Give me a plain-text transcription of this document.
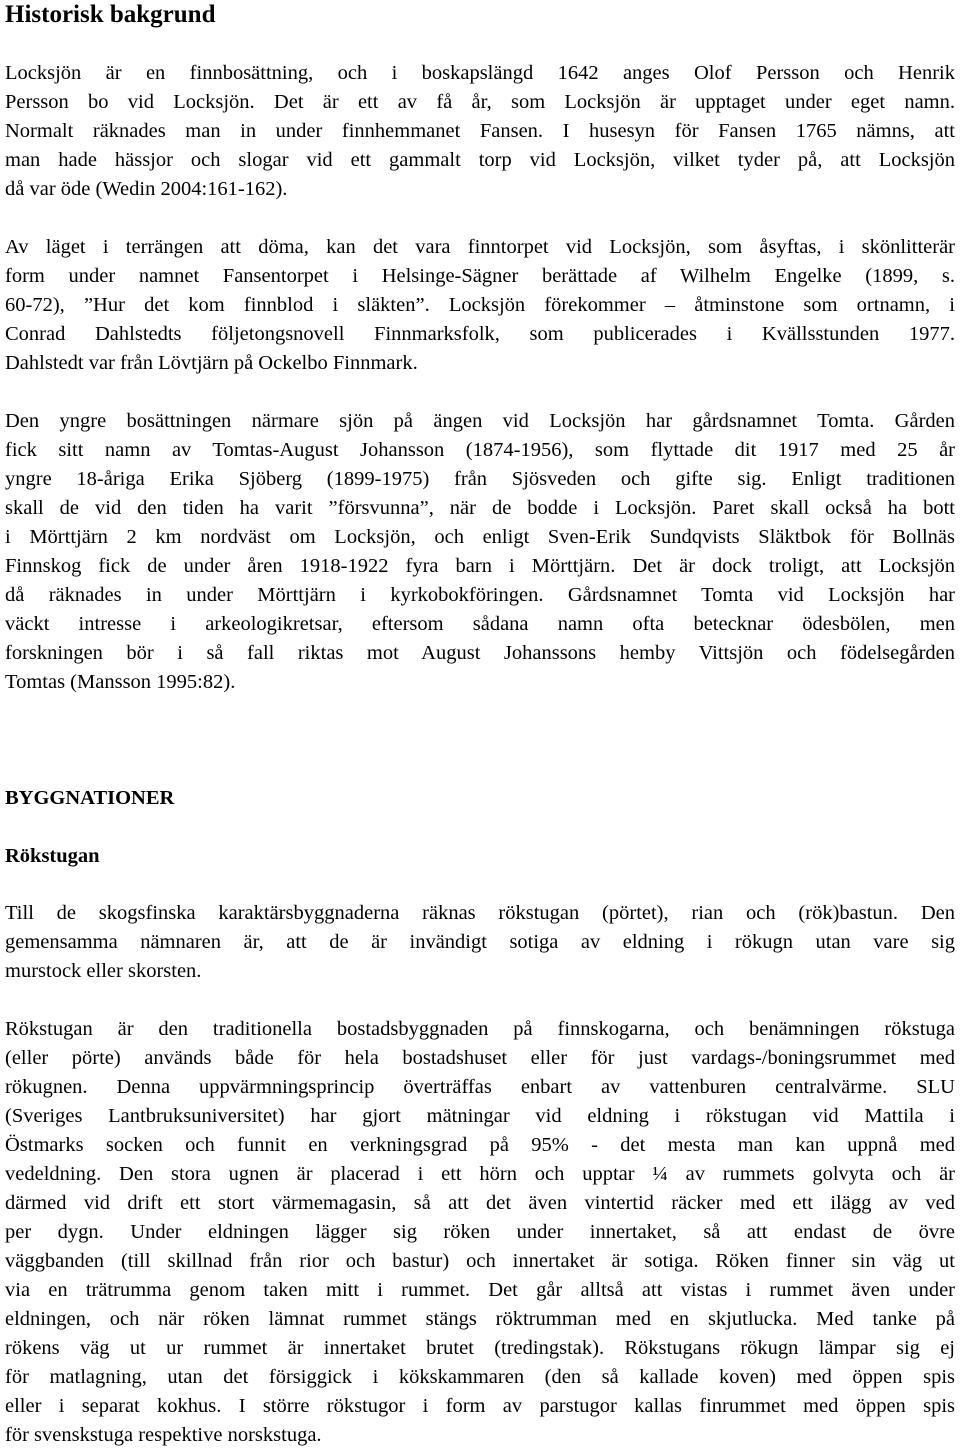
Historisk bakgrund
Locksjön är en finnbosättning, och i boskapslängd 1642 anges Olof Persson och Henrik
Persson bo vid Locksjön. Det är ett av få år, som Locksjön är upptaget under eget namn.
Normalt räknades man in under finnhemmanet Fansen. I husesyn för Fansen 1765 nämns, att
man hade hässjor och slogar vid ett gammalt torp vid Locksjön, vilket tyder på, att Locksjön
då var öde (Wedin 2004:161-162).
Av läget i terrängen att döma, kan det vara finntorpet vid Locksjön, som åsyftas, i skönlitterär
form under namnet Fansentorpet i Helsinge-Sägner berättade af Wilhelm Engelke (1899, s.
60-72), ”Hur det kom finnblod i släkten”. Locksjön förekommer – åtminstone som ortnamn, i
Conrad Dahlstedts följetongsnovell Finnmarksfolk, som publicerades i Kvällsstunden 1977.
Dahlstedt var från Lövtjärn på Ockelbo Finnmark.
Den yngre bosättningen närmare sjön på ängen vid Locksjön har gårdsnamnet Tomta. Gården
fick sitt namn av Tomtas-August Johansson (1874-1956), som flyttade dit 1917 med 25 år
yngre 18-åriga Erika Sjöberg (1899-1975) från Sjösveden och gifte sig. Enligt traditionen
skall de vid den tiden ha varit ”försvunna”, när de bodde i Locksjön. Paret skall också ha bott
i Mörttjärn 2 km nordväst om Locksjön, och enligt Sven-Erik Sundqvists Släktbok för Bollnäs
Finnskog fick de under åren 1918-1922 fyra barn i Mörttjärn. Det är dock troligt, att Locksjön
då räknades in under Mörttjärn i kyrkobokföringen. Gårdsnamnet Tomta vid Locksjön har
väckt intresse i arkeologikretsar, eftersom sådana namn ofta betecknar ödesbölen, men
forskningen bör i så fall riktas mot August Johanssons hemby Vittsjön och födelsegården
Tomtas (Mansson 1995:82).
BYGGNATIONER
Rökstugan
Till de skogsfinska karaktärsbyggnaderna räknas rökstugan (pörtet), rian och (rök)bastun. Den
gemensamma nämnaren är, att de är invändigt sotiga av eldning i rökugn utan vare sig
murstock eller skorsten.
Rökstugan är den traditionella bostadsbyggnaden på finnskogarna, och benämningen rökstuga
(eller pörte) används både för hela bostadshuset eller för just vardags-/boningsrummet med
rökugnen. Denna uppvärmningsprincip överträffas enbart av vattenburen centralvärme. SLU
(Sveriges Lantbruksuniversitet) har gjort mätningar vid eldning i rökstugan vid Mattila i
Östmarks socken och funnit en verkningsgrad på 95% - det mesta man kan uppnå med
vedeldning. Den stora ugnen är placerad i ett hörn och upptar ¼ av rummets golvyta och är
därmed vid drift ett stort värmemagasin, så att det även vintertid räcker med ett ilägg av ved
per dygn. Under eldningen lägger sig röken under innertaket, så att endast de övre
väggbanden (till skillnad från rior och bastur) och innertaket är sotiga. Röken finner sin väg ut
via en trätrumma genom taken mitt i rummet. Det går alltså att vistas i rummet även under
eldningen, och när röken lämnat rummet stängs röktrumman med en skjutlucka. Med tanke på
rökens väg ut ur rummet är innertaket brutet (tredingstak). Rökstugans rökugn lämpar sig ej
för matlagning, utan det försiggick i kökskammaren (den så kallade koven) med öppen spis
eller i separat kokhus. I större rökstugor i form av parstugor kallas finrummet med öppen spis
för svenskstuga respektive norskstuga.
